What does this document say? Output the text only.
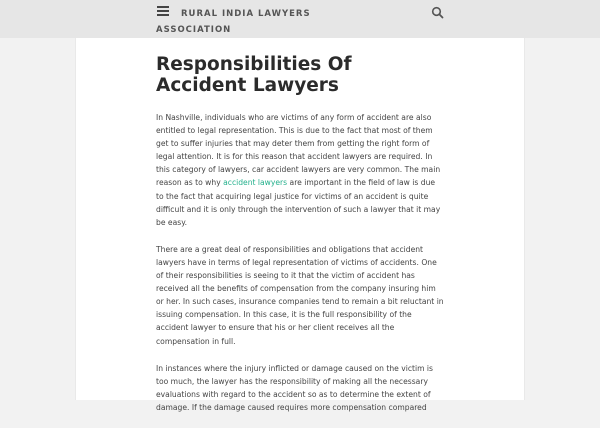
RURAL INDIA LAWYERS ASSOCIATION
Responsibilities Of Accident Lawyers

In Nashville, individuals who are victims of any form of accident are also entitled to legal representation. This is due to the fact that most of them get to suffer injuries that may deter them from getting the right form of legal attention. It is for this reason that accident lawyers are required. In this category of lawyers, car accident lawyers are very common. The main reason as to why accident lawyers are important in the field of law is due to the fact that acquiring legal justice for victims of an accident is quite difficult and it is only through the intervention of such a lawyer that it may be easy.

There are a great deal of responsibilities and obligations that accident lawyers have in terms of legal representation of victims of accidents. One of their responsibilities is seeing to it that the victim of accident has received all the benefits of compensation from the company insuring him or her. In such cases, insurance companies tend to remain a bit reluctant in issuing compensation. In this case, it is the full responsibility of the accident lawyer to ensure that his or her client receives all the compensation in full.

In instances where the injury inflicted or damage caused on the victim is too much, the lawyer has the responsibility of making all the necessary evaluations with regard to the accident so as to determine the extent of damage. If the damage caused requires more compensation compared
